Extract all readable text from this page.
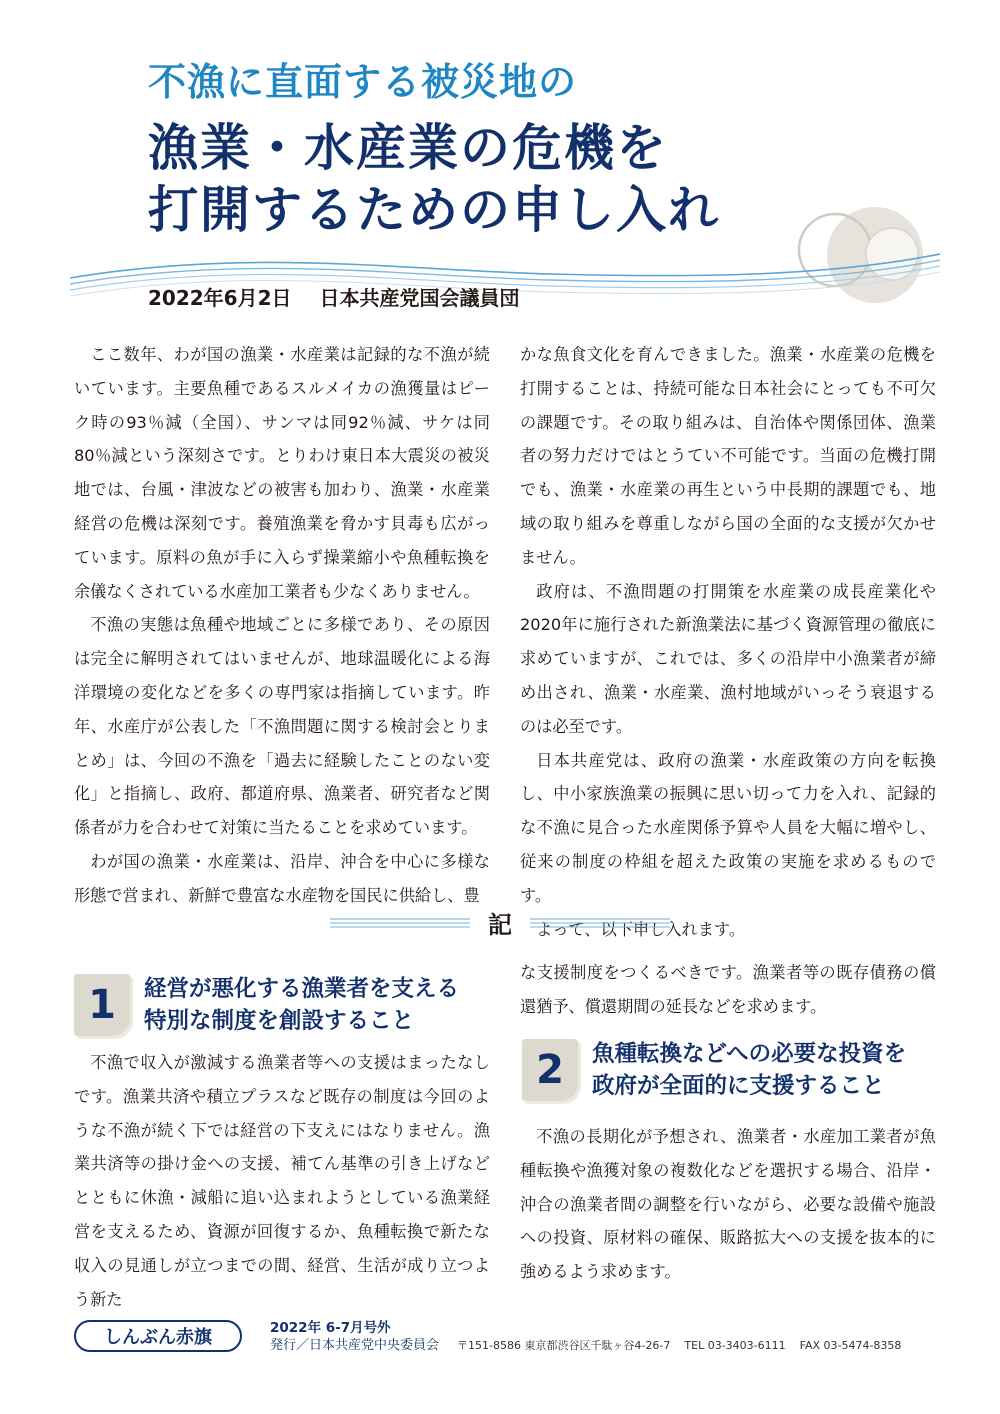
不漁に直面する被災地の
漁業・水産業の危機を
打開するための申し入れ
2022年6月2日 日本共産党国会議員団

ここ数年、わが国の漁業・水産業は記録的な不漁が続いています。主要魚種であるスルメイカの漁獲量はピーク時の93％減（全国）、サンマは同92％減、サケは同80％減という深刻さです。とりわけ東日本大震災の被災地では、台風・津波などの被害も加わり、漁業・水産業経営の危機は深刻です。養殖漁業を脅かす貝毒も広がっています。原料の魚が手に入らず操業縮小や魚種転換を余儀なくされている水産加工業者も少なくありません。

不漁の実態は魚種や地域ごとに多様であり、その原因は完全に解明されてはいませんが、地球温暖化による海洋環境の変化などを多くの専門家は指摘しています。昨年、水産庁が公表した「不漁問題に関する検討会とりまとめ」は、今回の不漁を「過去に経験したことのない変化」と指摘し、政府、都道府県、漁業者、研究者など関係者が力を合わせて対策に当たることを求めています。

わが国の漁業・水産業は、沿岸、沖合を中心に多様な形態で営まれ、新鮮で豊富な水産物を国民に供給し、豊

かな魚食文化を育んできました。漁業・水産業の危機を打開することは、持続可能な日本社会にとっても不可欠の課題です。その取り組みは、自治体や関係団体、漁業者の努力だけではとうてい不可能です。当面の危機打開でも、漁業・水産業の再生という中長期的課題でも、地域の取り組みを尊重しながら国の全面的な支援が欠かせません。

政府は、不漁問題の打開策を水産業の成長産業化や2020年に施行された新漁業法に基づく資源管理の徹底に求めていますが、これでは、多くの沿岸中小漁業者が締め出され、漁業・水産業、漁村地域がいっそう衰退するのは必至です。

日本共産党は、政府の漁業・水産政策の方向を転換し、中小家族漁業の振興に思い切って力を入れ、記録的な不漁に見合った水産関係予算や人員を大幅に増やし、従来の制度の枠組を超えた政策の実施を求めるものです。

よって、以下申し入れます。

記
1	経営が悪化する漁業者を支える
特別な制度を創設すること

不漁で収入が激減する漁業者等への支援はまったなしです。漁業共済や積立プラスなど既存の制度は今回のような不漁が続く下では経営の下支えにはなりません。漁業共済等の掛け金への支援、補てん基準の引き上げなどとともに休漁・減船に追い込まれようとしている漁業経営を支えるため、資源が回復するか、魚種転換で新たな収入の見通しが立つまでの間、経営、生活が成り立つよう新た

な支援制度をつくるべきです。漁業者等の既存債務の償還猶予、償還期間の延長などを求めます。

2	魚種転換などへの必要な投資を
政府が全面的に支援すること

不漁の長期化が予想され、漁業者・水産加工業者が魚種転換や漁獲対象の複数化などを選択する場合、沿岸・沖合の漁業者間の調整を行いながら、必要な設備や施設への投資、原材料の確保、販路拡大への支援を抜本的に強めるよう求めます。

しんぶん赤旗	2022年 6-7月号外
発行／日本共産党中央委員会 〒151-8586 東京都渋谷区千駄ヶ谷4-26-7 TEL 03-3403-6111 FAX 03-5474-8358
